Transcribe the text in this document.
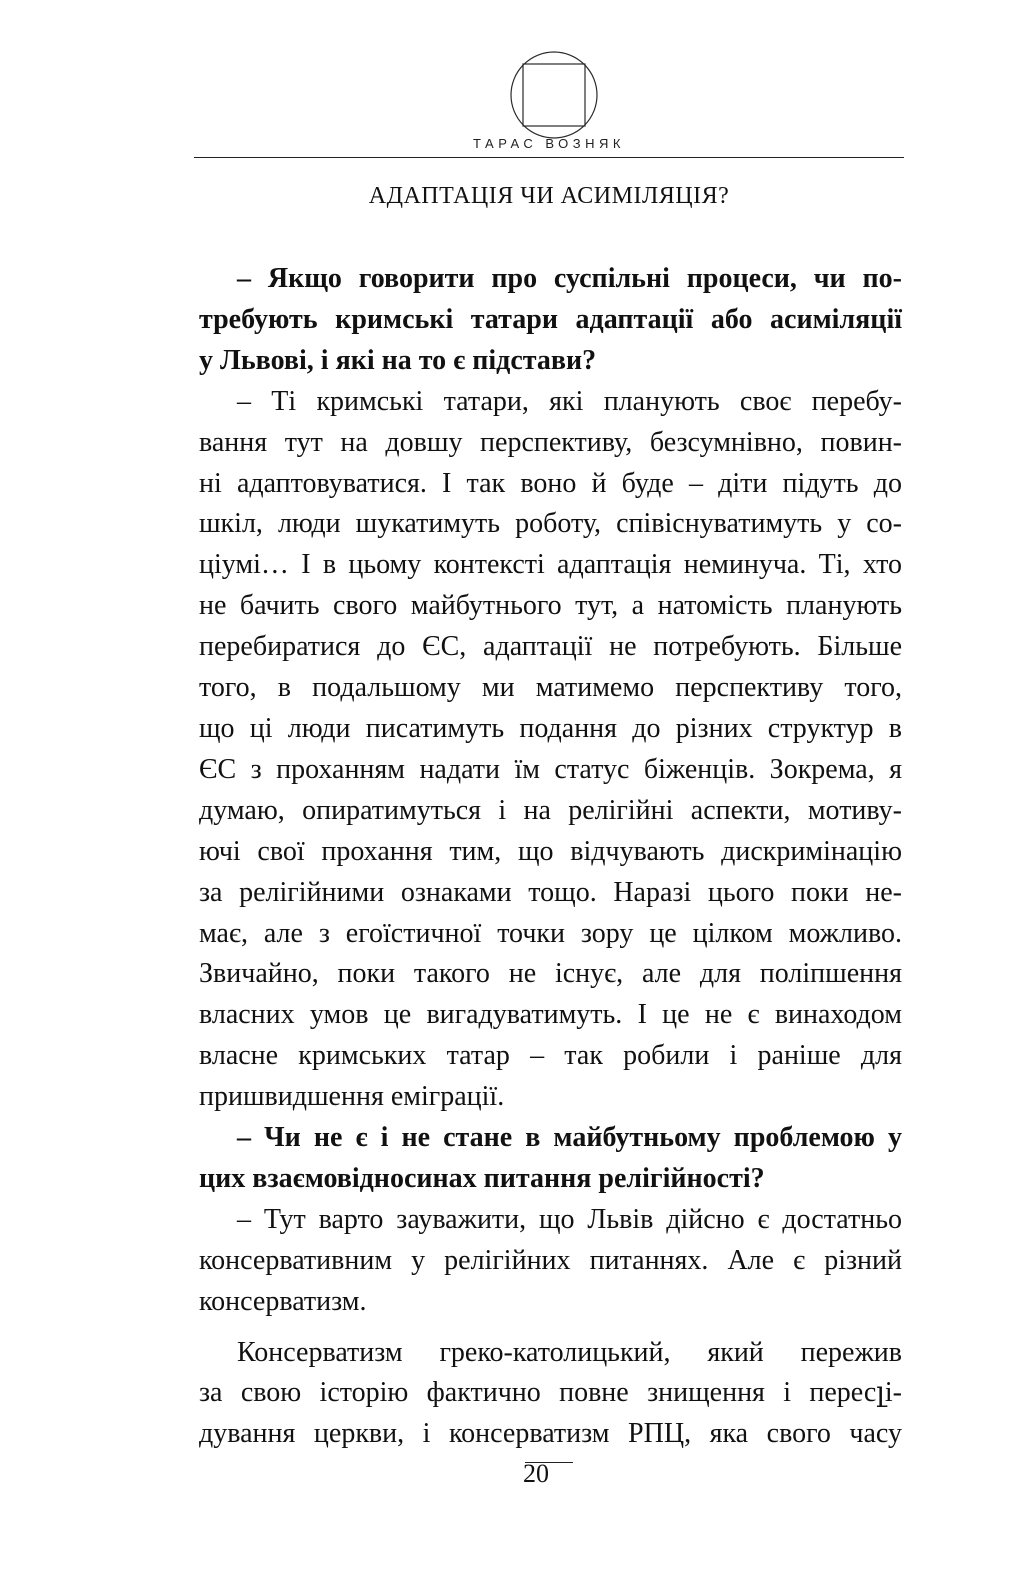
ТАРАС ВОЗНЯК
АДАПТАЦІЯ ЧИ АСИМІЛЯЦІЯ?
– Якщо говорити про суспільні процеси, чи по-
требують кримські татари адаптації або асиміляції
у Львові, і які на то є підстави?
– Ті кримські татари, які планують своє перебу-
вання тут на довшу перспективу, безсумнівно, повин-
ні адаптовуватися. І так воно й буде – діти підуть до
шкіл, люди шукатимуть роботу, співіснуватимуть у со-
ціумі… І в цьому контексті адаптація неминуча. Ті, хто
не бачить свого майбутнього тут, а натомість планують
перебиратися до ЄС, адаптації не потребують. Більше
того, в подальшому ми матимемо перспективу того,
що ці люди писатимуть подання до різних структур в
ЄС з проханням надати їм статус біженців. Зокрема, я
думаю, опиратимуться і на релігійні аспекти, мотиву-
ючі свої прохання тим, що відчувають дискримінацію
за релігійними ознаками тощо. Наразі цього поки не-
має, але з егоїстичної точки зору це цілком можливо.
Звичайно, поки такого не існує, але для поліпшення
власних умов це вигадуватимуть. І це не є винаходом
власне кримських татар – так робили і раніше для
пришвидшення еміграції.
– Чи не є і не стане в майбутньому проблемою у
цих взаємовідносинах питання релігійності?
– Тут варто зауважити, що Львів дійсно є достатньо
консервативним у релігійних питаннях. Але є різний
консерватизм.
Консерватизм греко-католицький, який пережив
за свою історію фактично повне знищення і пересլі-
дування церкви, і консерватизм РПЦ, яка свого часу
20
